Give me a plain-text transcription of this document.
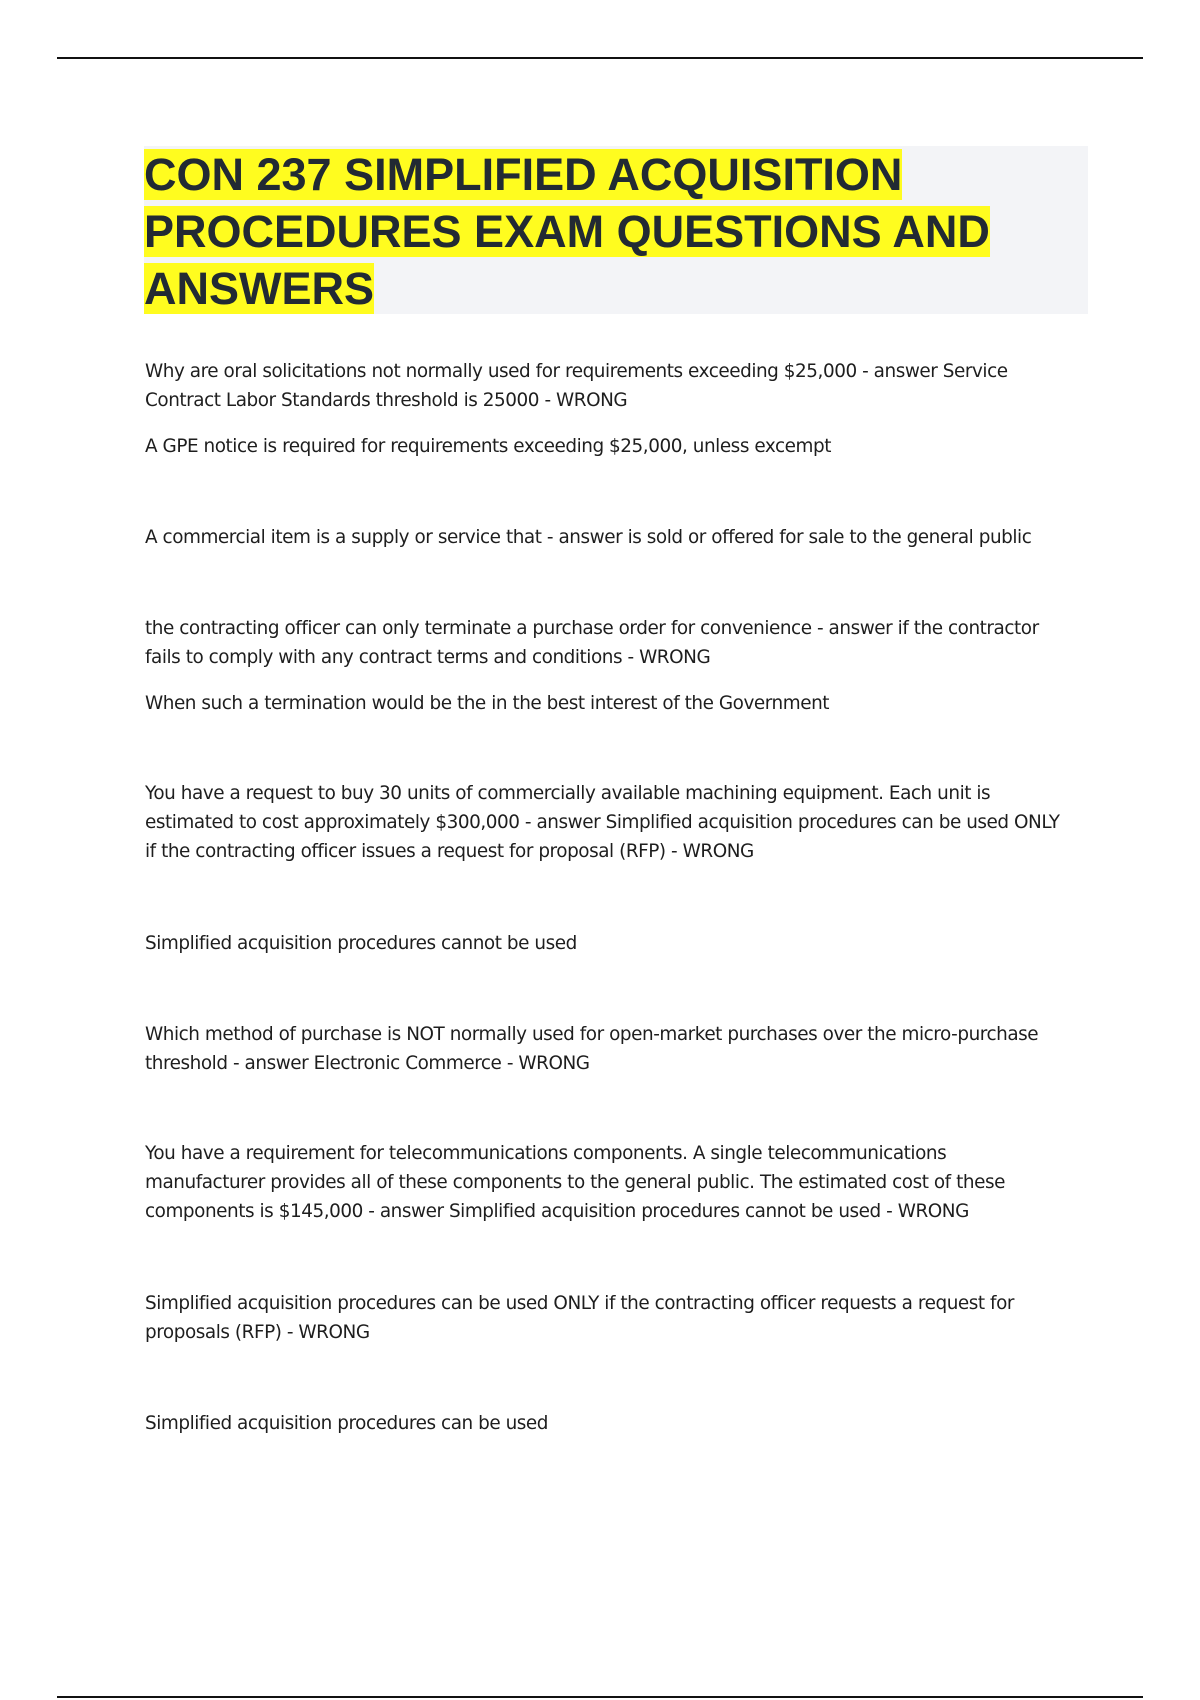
CON 237 SIMPLIFIED ACQUISITION
PROCEDURES EXAM QUESTIONS AND
ANSWERS

Why are oral solicitations not normally used for requirements exceeding $25,000 - answer Service
Contract Labor Standards threshold is 25000 - WRONG

A GPE notice is required for requirements exceeding $25,000, unless excempt

A commercial item is a supply or service that - answer is sold or offered for sale to the general public

the contracting officer can only terminate a purchase order for convenience - answer if the contractor
fails to comply with any contract terms and conditions - WRONG

When such a termination would be the in the best interest of the Government

You have a request to buy 30 units of commercially available machining equipment. Each unit is
estimated to cost approximately $300,000 - answer Simplified acquisition procedures can be used ONLY
if the contracting officer issues a request for proposal (RFP) - WRONG

Simplified acquisition procedures cannot be used

Which method of purchase is NOT normally used for open-market purchases over the micro-purchase
threshold - answer Electronic Commerce - WRONG

You have a requirement for telecommunications components. A single telecommunications
manufacturer provides all of these components to the general public. The estimated cost of these
components is $145,000 - answer Simplified acquisition procedures cannot be used - WRONG

Simplified acquisition procedures can be used ONLY if the contracting officer requests a request for
proposals (RFP) - WRONG

Simplified acquisition procedures can be used
